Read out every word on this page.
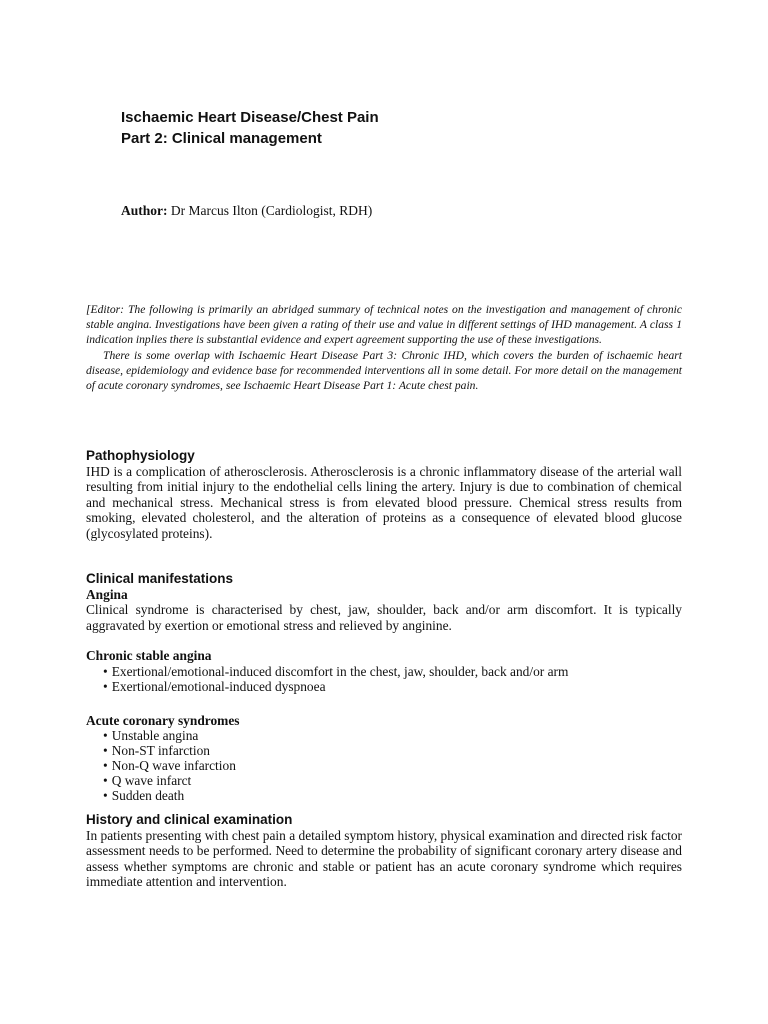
Ischaemic Heart Disease/Chest Pain
Part 2: Clinical management
Author: Dr Marcus Ilton (Cardiologist, RDH)

[Editor: The following is primarily an abridged summary of technical notes on the investigation and management of chronic stable angina. Investigations have been given a rating of their use and value in different settings of IHD management. A class 1 indication inplies there is substantial evidence and expert agreement supporting the use of these investigations.

There is some overlap with Ischaemic Heart Disease Part 3: Chronic IHD, which covers the burden of ischaemic heart disease, epidemiology and evidence base for recommended interventions all in some detail. For more detail on the management of acute coronary syndromes, see Ischaemic Heart Disease Part 1: Acute chest pain.

Pathophysiology

IHD is a complication of atherosclerosis. Atherosclerosis is a chronic inflammatory disease of the arterial wall resulting from initial injury to the endothelial cells lining the artery. Injury is due to combination of chemical and mechanical stress. Mechanical stress is from elevated blood pressure. Chemical stress results from smoking, elevated cholesterol, and the alteration of proteins as a consequence of elevated blood glucose (glycosylated proteins).

Clinical manifestations

Angina

Clinical syndrome is characterised by chest, jaw, shoulder, back and/or arm discomfort. It is typically aggravated by exertion or emotional stress and relieved by anginine.

Chronic stable angina

• Exertional/emotional-induced discomfort in the chest, jaw, shoulder, back and/or arm
• Exertional/emotional-induced dyspnoea

Acute coronary syndromes

• Unstable angina
• Non-ST infarction
• Non-Q wave infarction
• Q wave infarct
• Sudden death
History and clinical examination

In patients presenting with chest pain a detailed symptom history, physical examination and directed risk factor assessment needs to be performed. Need to determine the probability of significant coronary artery disease and assess whether symptoms are chronic and stable or patient has an acute coronary syndrome which requires immediate attention and intervention.
